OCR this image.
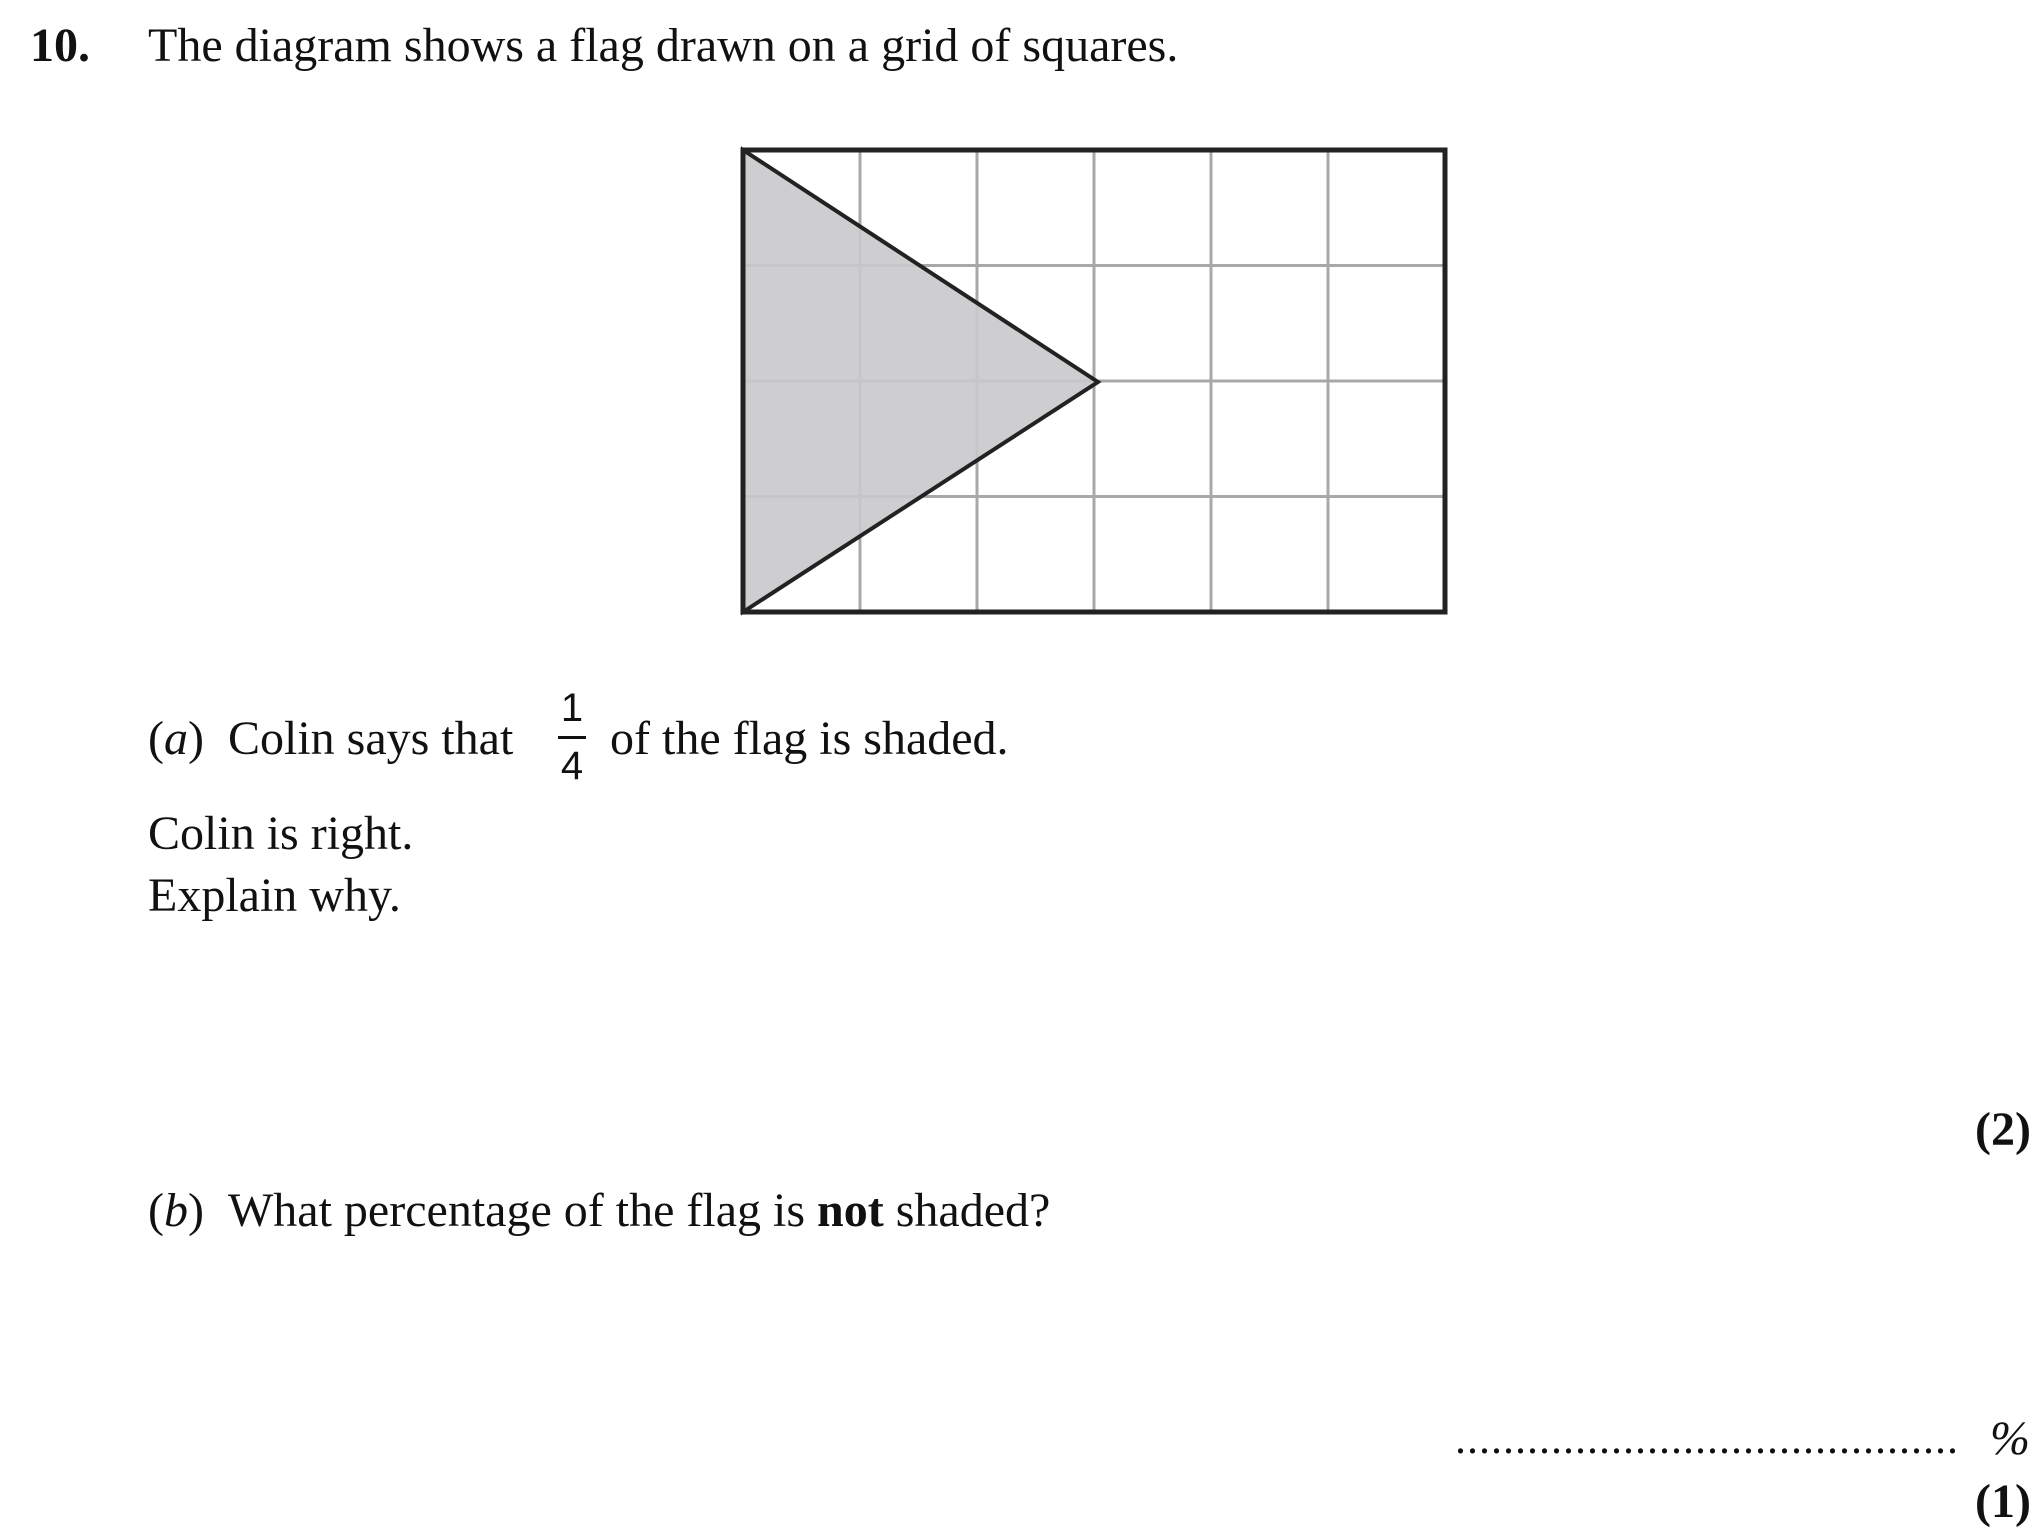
10. The diagram shows a flag drawn on a grid of squares.
(a) Colin says that
1
4
of the flag is shaded.
Colin is right.
Explain why.
(2)
(b) What percentage of the flag is not shaded?
.......................................... %
(1)
